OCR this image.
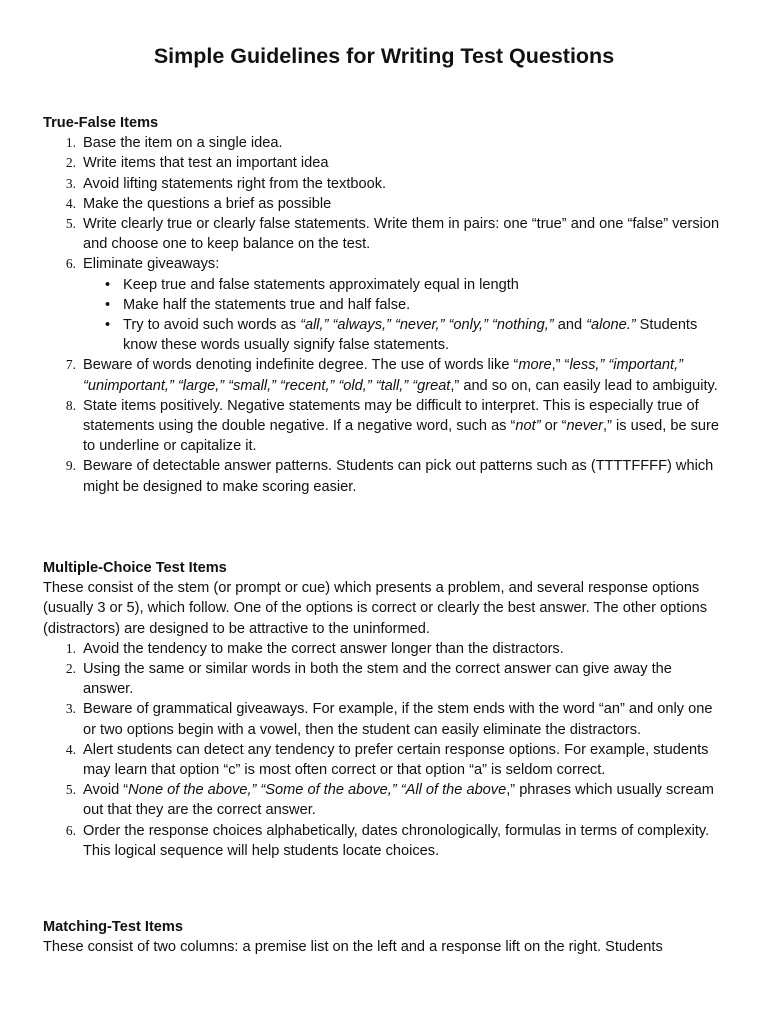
Simple Guidelines for Writing Test Questions

True-False Items

1. Base the item on a single idea.
2. Write items that test an important idea
3. Avoid lifting statements right from the textbook.
4. Make the questions a brief as possible
5. Write clearly true or clearly false statements. Write them in pairs: one “true” and one “false” version and choose one to keep balance on the test.
6. Eliminate giveaways:
• Keep true and false statements approximately equal in length
• Make half the statements true and half false.
• Try to avoid such words as “all,” “always,” “never,” “only,” “nothing,” and “alone.” Students know these words usually signify false statements.
7. Beware of words denoting indefinite degree. The use of words like “more,” “less,” “important,” “unimportant,” “large,” “small,” “recent,” “old,” “tall,” “great,” and so on, can easily lead to ambiguity.
8. State items positively. Negative statements may be difficult to interpret. This is especially true of statements using the double negative. If a negative word, such as “not” or “never,” is used, be sure to underline or capitalize it.
9. Beware of detectable answer patterns. Students can pick out patterns such as (TTTTFFFF) which might be designed to make scoring easier.

Multiple-Choice Test Items

These consist of the stem (or prompt or cue) which presents a problem, and several response options (usually 3 or 5), which follow. One of the options is correct or clearly the best answer. The other options (distractors) are designed to be attractive to the uninformed.

1. Avoid the tendency to make the correct answer longer than the distractors.
2. Using the same or similar words in both the stem and the correct answer can give away the answer.
3. Beware of grammatical giveaways. For example, if the stem ends with the word “an” and only one or two options begin with a vowel, then the student can easily eliminate the distractors.
4. Alert students can detect any tendency to prefer certain response options. For example, students may learn that option “c” is most often correct or that option “a” is seldom correct.
5. Avoid “None of the above,” “Some of the above,” “All of the above,” phrases which usually scream out that they are the correct answer.
6. Order the response choices alphabetically, dates chronologically, formulas in terms of complexity. This logical sequence will help students locate choices.

Matching-Test Items

These consist of two columns: a premise list on the left and a response lift on the right. Students
